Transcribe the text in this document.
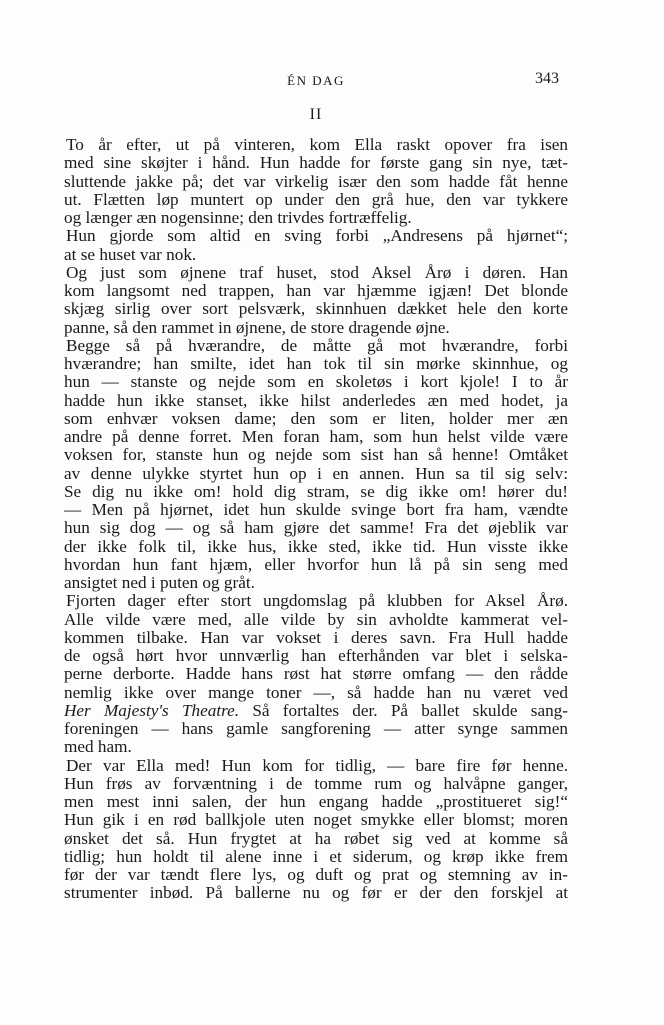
ÉN DAG	343
II
To år efter, ut på vinteren, kom Ella raskt opover fra isen
med sine skøjter i hånd. Hun hadde for første gang sin nye, tæt-
sluttende jakke på; det var virkelig især den som hadde fåt henne
ut. Flætten løp muntert op under den grå hue, den var tykkere
og længer æn nogensinne; den trivdes fortræffelig.
Hun gjorde som altid en sving forbi „Andresens på hjørnet“;
at se huset var nok.
Og just som øjnene traf huset, stod Aksel Årø i døren. Han
kom langsomt ned trappen, han var hjæmme igjæn! Det blonde
skjæg sirlig over sort pelsværk, skinnhuen dækket hele den korte
panne, så den rammet in øjnene, de store dragende øjne.
Begge så på hværandre, de måtte gå mot hværandre, forbi
hværandre; han smilte, idet han tok til sin mørke skinnhue, og
hun — stanste og nejde som en skoletøs i kort kjole! I to år
hadde hun ikke stanset, ikke hilst anderledes æn med hodet, ja
som enhvær voksen dame; den som er liten, holder mer æn
andre på denne forret. Men foran ham, som hun helst vilde være
voksen for, stanste hun og nejde som sist han så henne! Omtåket
av denne ulykke styrtet hun op i en annen. Hun sa til sig selv:
Se dig nu ikke om! hold dig stram, se dig ikke om! hører du!
— Men på hjørnet, idet hun skulde svinge bort fra ham, vændte
hun sig dog — og så ham gjøre det samme! Fra det øjeblik var
der ikke folk til, ikke hus, ikke sted, ikke tid. Hun visste ikke
hvordan hun fant hjæm, eller hvorfor hun lå på sin seng med
ansigtet ned i puten og gråt.
Fjorten dager efter stort ungdomslag på klubben for Aksel Årø.
Alle vilde være med, alle vilde by sin avholdte kammerat vel-
kommen tilbake. Han var vokset i deres savn. Fra Hull hadde
de også hørt hvor unnværlig han efterhånden var blet i selska-
perne derborte. Hadde hans røst hat større omfang — den rådde
nemlig ikke over mange toner —, så hadde han nu været ved
Her Majesty's Theatre. Så fortaltes der. På ballet skulde sang-
foreningen — hans gamle sangforening — atter synge sammen
med ham.
Der var Ella med! Hun kom for tidlig, — bare fire før henne.
Hun frøs av forvæntning i de tomme rum og halvåpne ganger,
men mest inni salen, der hun engang hadde „prostitueret sig!“
Hun gik i en rød ballkjole uten noget smykke eller blomst; moren
ønsket det så. Hun frygtet at ha røbet sig ved at komme så
tidlig; hun holdt til alene inne i et siderum, og krøp ikke frem
før der var tændt flere lys, og duft og prat og stemning av in-
strumenter inbød. På ballerne nu og før er der den forskjel at
